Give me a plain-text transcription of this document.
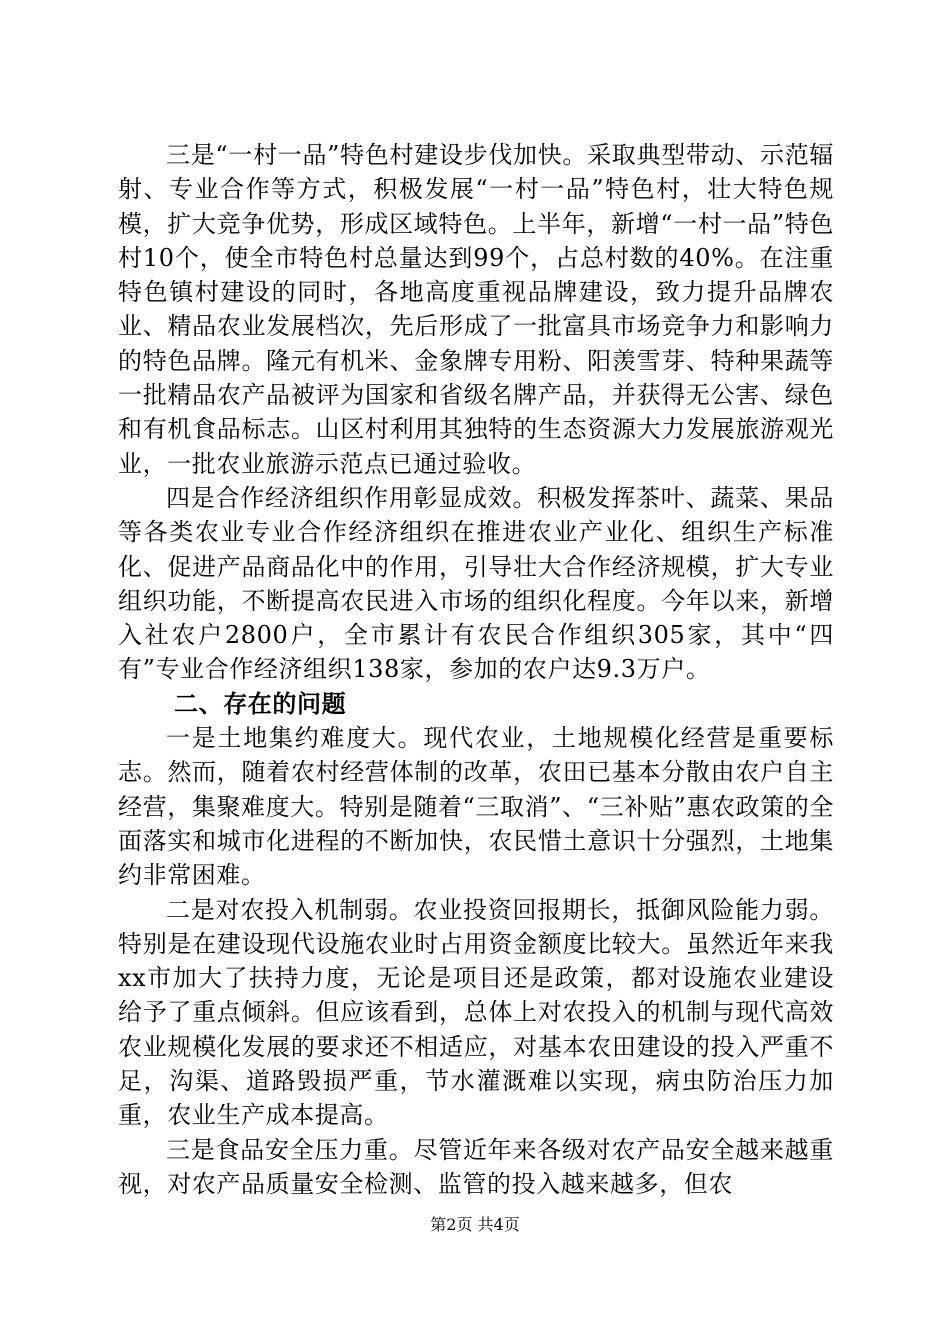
三是“一村一品”特色村建设步伐加快。采取典型带动、示范辐射、专业合作等方式，积极发展“一村一品”特色村，壮大特色规模，扩大竞争优势，形成区域特色。上半年，新增“一村一品”特色村10个，使全市特色村总量达到99个，占总村数的40%。在注重特色镇村建设的同时，各地高度重视品牌建设，致力提升品牌农业、精品农业发展档次，先后形成了一批富具市场竞争力和影响力的特色品牌。隆元有机米、金象牌专用粉、阳羡雪芽、特种果蔬等一批精品农产品被评为国家和省级名牌产品，并获得无公害、绿色和有机食品标志。山区村利用其独特的生态资源大力发展旅游观光业，一批农业旅游示范点已通过验收。

四是合作经济组织作用彰显成效。积极发挥茶叶、蔬菜、果品等各类农业专业合作经济组织在推进农业产业化、组织生产标准化、促进产品商品化中的作用，引导壮大合作经济规模，扩大专业组织功能，不断提高农民进入市场的组织化程度。今年以来，新增入社农户2800户，全市累计有农民合作组织305家，其中“四有”专业合作经济组织138家，参加的农户达9.3万户。

二、存在的问题

一是土地集约难度大。现代农业，土地规模化经营是重要标志。然而，随着农村经营体制的改革，农田已基本分散由农户自主经营，集聚难度大。特别是随着“三取消”、“三补贴”惠农政策的全面落实和城市化进程的不断加快，农民惜土意识十分强烈，土地集约非常困难。

二是对农投入机制弱。农业投资回报期长，抵御风险能力弱。特别是在建设现代设施农业时占用资金额度比较大。虽然近年来我xx市加大了扶持力度，无论是项目还是政策，都对设施农业建设给予了重点倾斜。但应该看到，总体上对农投入的机制与现代高效农业规模化发展的要求还不相适应，对基本农田建设的投入严重不足，沟渠、道路毁损严重，节水灌溉难以实现，病虫防治压力加重，农业生产成本提高。

三是食品安全压力重。尽管近年来各级对农产品安全越来越重视，对农产品质量安全检测、监管的投入越来越多，但农

第2页 共4页
